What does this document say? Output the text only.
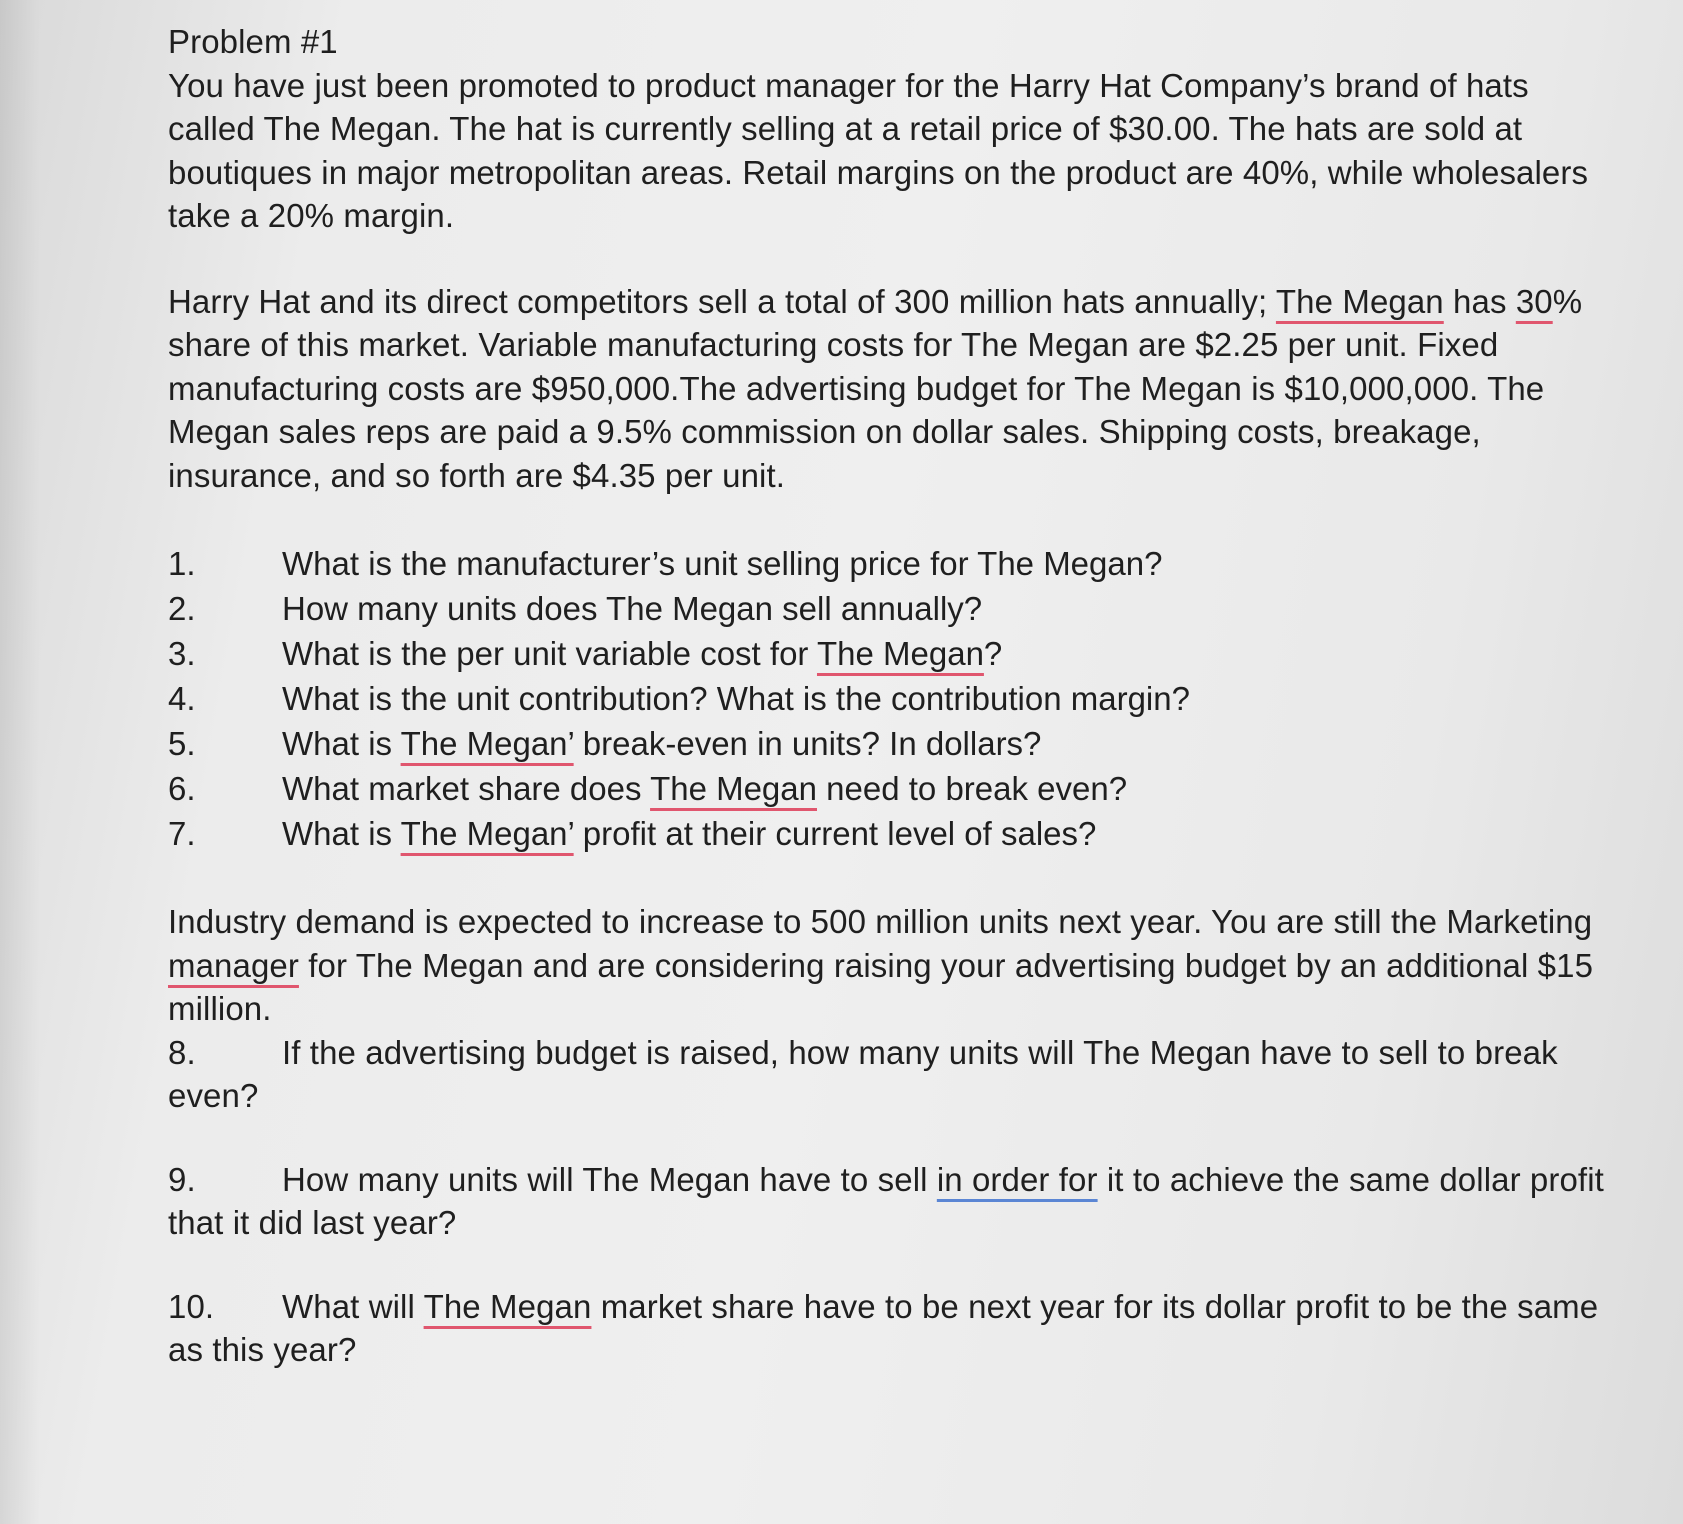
Problem #1

You have just been promoted to product manager for the Harry Hat Company’s brand of hats called The Megan. The hat is currently selling at a retail price of $30.00. The hats are sold at boutiques in major metropolitan areas. Retail margins on the product are 40%, while wholesalers take a 20% margin.

Harry Hat and its direct competitors sell a total of 300 million hats annually; The Megan has 30% share of this market. Variable manufacturing costs for The Megan are $2.25 per unit. Fixed manufacturing costs are $950,000.The advertising budget for The Megan is $10,000,000. The Megan sales reps are paid a 9.5% commission on dollar sales. Shipping costs, breakage, insurance, and so forth are $4.35 per unit.

1.	What is the manufacturer’s unit selling price for The Megan?
2.	How many units does The Megan sell annually?
3.	What is the per unit variable cost for The Megan?
4.	What is the unit contribution? What is the contribution margin?
5.	What is The Megan’ break-even in units? In dollars?
6.	What market share does The Megan need to break even?
7.	What is The Megan’ profit at their current level of sales?

Industry demand is expected to increase to 500 million units next year. You are still the Marketing manager for The Megan and are considering raising your advertising budget by an additional $15 million.

8.	If the advertising budget is raised, how many units will The Megan have to sell to break even?

9.	How many units will The Megan have to sell in order for it to achieve the same dollar profit that it did last year?

10. What will The Megan market share have to be next year for its dollar profit to be the same as this year?
